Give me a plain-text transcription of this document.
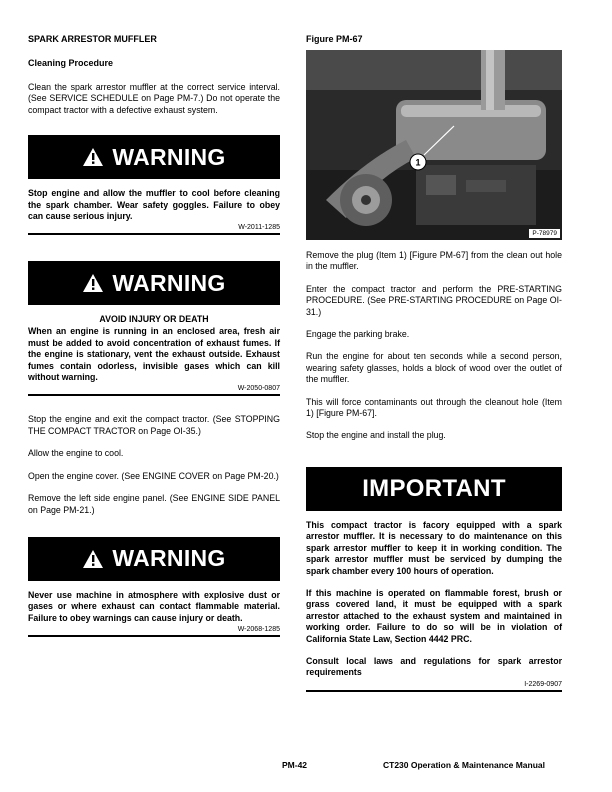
SPARK ARRESTOR MUFFLER
Cleaning Procedure
Clean the spark arrestor muffler at the correct service interval. (See SERVICE SCHEDULE on Page PM-7.) Do not operate the compact tractor with a defective exhaust system.
WARNING

Stop engine and allow the muffler to cool before cleaning the spark chamber. Wear safety goggles. Failure to obey can cause serious injury.

W-2011-1285
WARNING
AVOID INJURY OR DEATH

When an engine is running in an enclosed area, fresh air must be added to avoid concentration of exhaust fumes. If the engine is stationary, vent the exhaust outside. Exhaust fumes contain odorless, invisible gases which can kill without warning.

W-2050-0807
Stop the engine and exit the compact tractor. (See STOPPING THE COMPACT TRACTOR on Page OI-35.)
Allow the engine to cool.
Open the engine cover. (See ENGINE COVER on Page PM-20.)
Remove the left side engine panel. (See ENGINE SIDE PANEL on Page PM-21.)
WARNING

Never use machine in atmosphere with explosive dust or gases or where exhaust can contact flammable material. Failure to obey warnings can cause injury or death.

W-2068-1285
Figure PM-67
1
P-78979
Remove the plug (Item 1) [Figure PM-67] from the clean out hole in the muffler.
Enter the compact tractor and perform the PRE-STARTING PROCEDURE. (See PRE-STARTING PROCEDURE on Page OI-31.)
Engage the parking brake.
Run the engine for about ten seconds while a second person, wearing safety glasses, holds a block of wood over the outlet of the muffler.
This will force contaminants out through the cleanout hole (Item 1) [Figure PM-67].
Stop the engine and install the plug.
IMPORTANT
This compact tractor is facory equipped with a spark arrestor muffler. It is necessary to do maintenance on this spark arrestor muffler to keep it in working condition. The spark arrestor muffler must be serviced by dumping the spark chamber every 100 hours of operation.
If this machine is operated on flammable forest, brush or grass covered land, it must be equipped with a spark arrestor attached to the exhaust system and maintained in working order. Failure to do so will be in violation of California State Law, Section 4442 PRC.
Consult local laws and regulations for spark arrestor requirements
I-2269-0907
PM-42	CT230 Operation & Maintenance Manual
